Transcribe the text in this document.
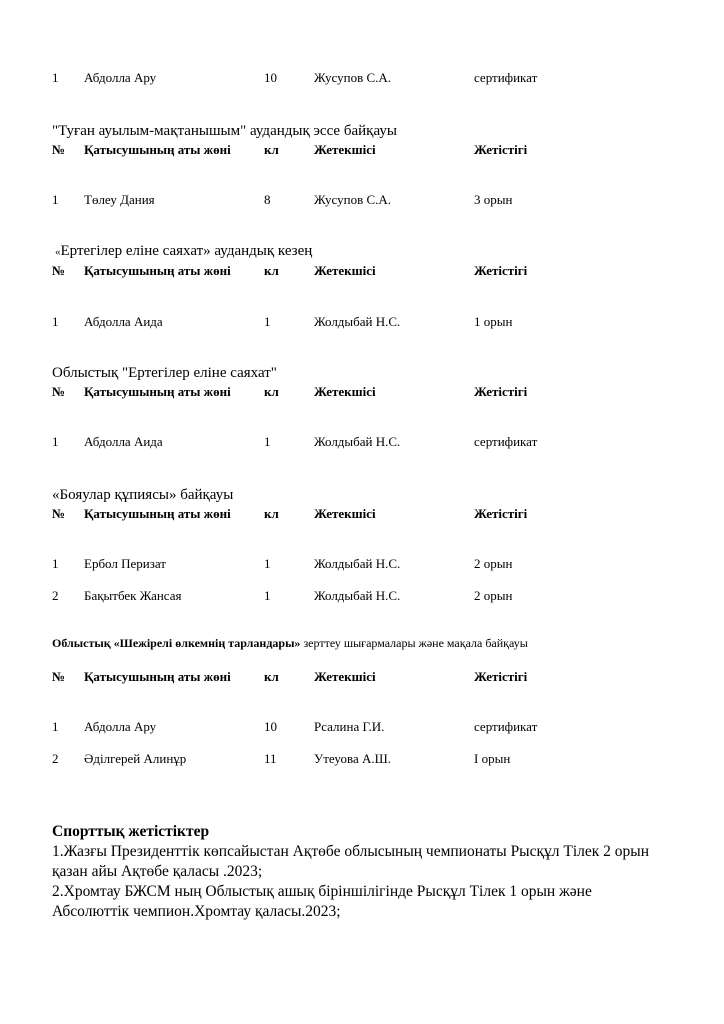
1 Абдолла Ару	10	Жусупов С.А.	сертификат
"Туған ауылым-мақтанышым" аудандық эссе байқауы
№ Қатысушының аты жөні	кл	Жетекшісі	Жетістігі
1 Төлеу Дания	8	Жусупов С.А.	3 орын
«Ертегілер еліне саяхат» аудандық кезең
№ Қатысушының аты жөні	кл	Жетекшісі	Жетістігі
1 Абдолла Аида	1	Жолдыбай Н.С.	1 орын
Облыстық "Ертегілер еліне саяхат"
№ Қатысушының аты жөні	кл	Жетекшісі	Жетістігі
1 Абдолла Аида	1	Жолдыбай Н.С.	сертификат
«Бояулар құпиясы» байқауы
№ Қатысушының аты жөні	кл	Жетекшісі	Жетістігі
1 Ербол Перизат	1	Жолдыбай Н.С.	2 орын
2 Бақытбек Жансая	1	Жолдыбай Н.С.	2 орын
Облыстық «Шежірелі өлкемнің тарландары» зерттеу шығармалары және мақала байқауы
№ Қатысушының аты жөні	кл	Жетекшісі	Жетістігі
1 Абдолла Ару	10	Рсалина Г.И.	сертификат
2 Әділгерей Алинұр	11	Утеуова А.Ш.	I орын
Спорттық жетістіктер

1.Жазғы Президенттік көпсайыстан Ақтөбе облысының чемпионаты Рысқұл Тілек 2 орын қазан айы Ақтөбе қаласы .2023;

2.Хромтау БЖСМ ның Облыстық ашық біріншілігінде Рысқұл Тілек 1 орын және Абсолюттік чемпион.Хромтау қаласы.2023;
